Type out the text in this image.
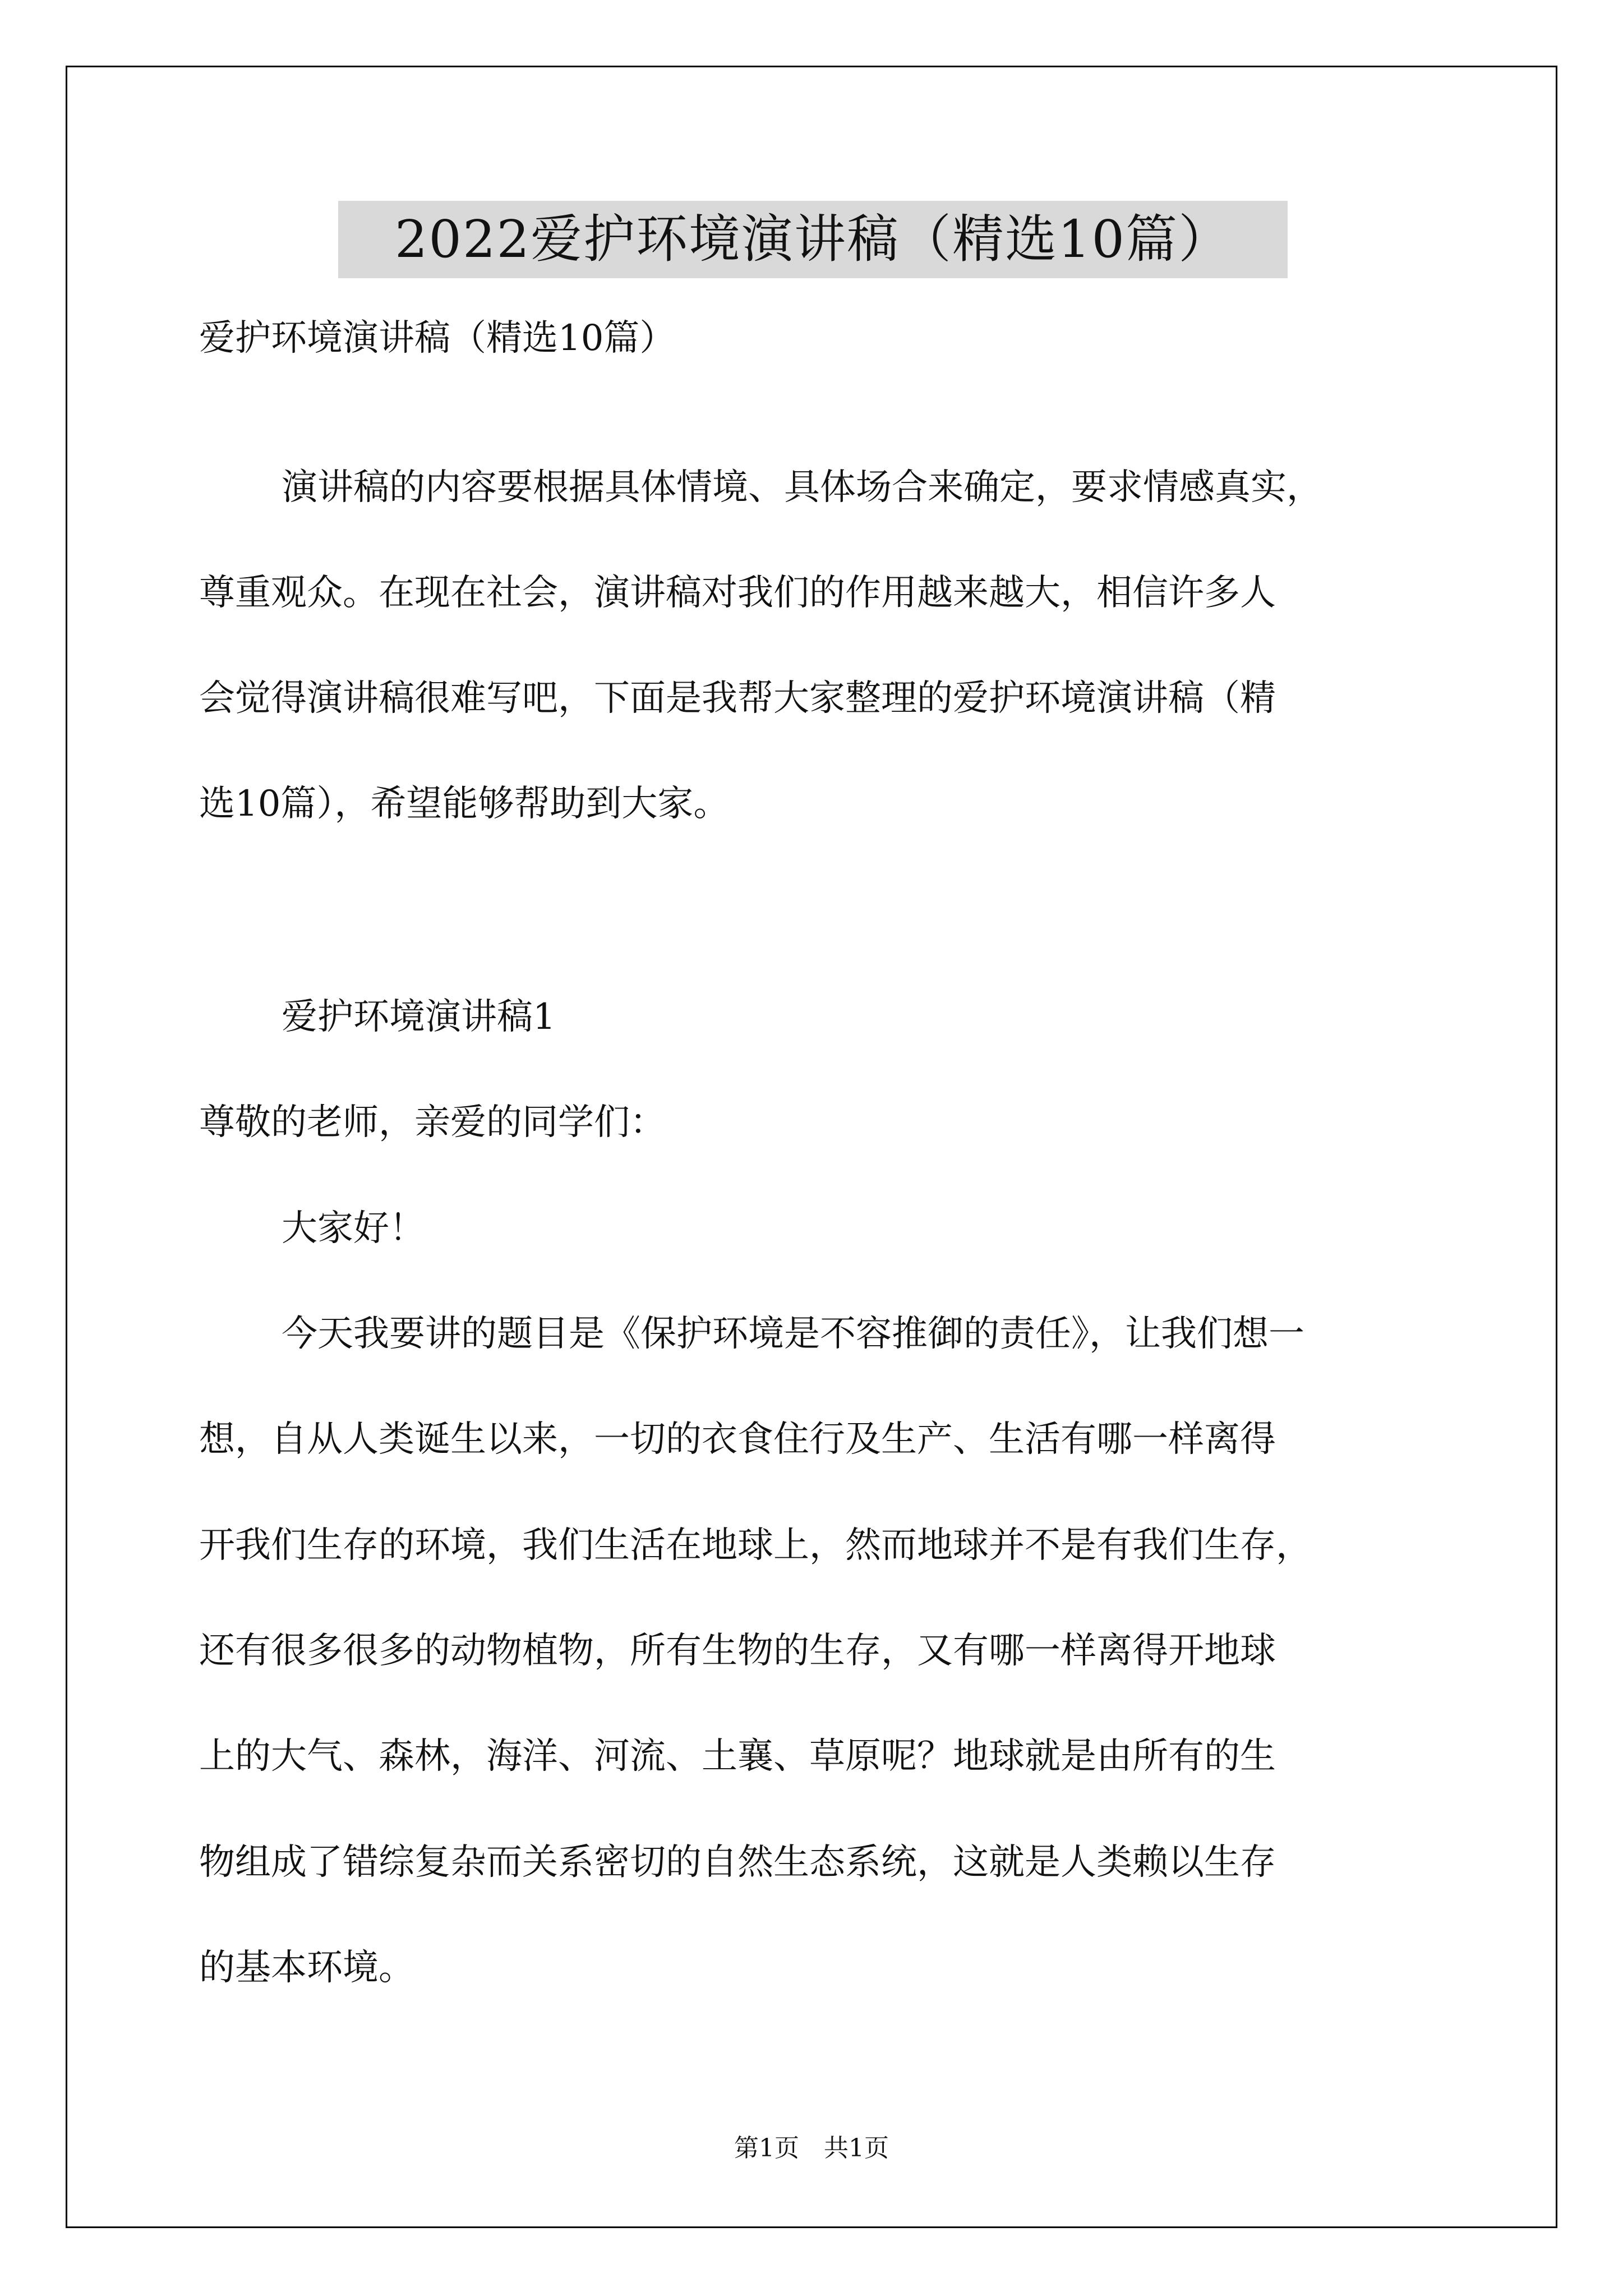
2022爱护环境演讲稿（精选10篇）
爱护环境演讲稿（精选10篇）
演讲稿的内容要根据具体情境、具体场合来确定，要求情感真实，
尊重观众。在现在社会，演讲稿对我们的作用越来越大，相信许多人
会觉得演讲稿很难写吧，下面是我帮大家整理的爱护环境演讲稿（精
选10篇），希望能够帮助到大家。
爱护环境演讲稿1
尊敬的老师，亲爱的同学们：
大家好！
今天我要讲的题目是《保护环境是不容推御的责任》，让我们想一
想，自从人类诞生以来，一切的衣食住行及生产、生活有哪一样离得
开我们生存的环境，我们生活在地球上，然而地球并不是有我们生存，
还有很多很多的动物植物，所有生物的生存，又有哪一样离得开地球
上的大气、森林，海洋、河流、土襄、草原呢？地球就是由所有的生
物组成了错综复杂而关系密切的自然生态系统，这就是人类赖以生存
的基本环境。
第1页　共1页
